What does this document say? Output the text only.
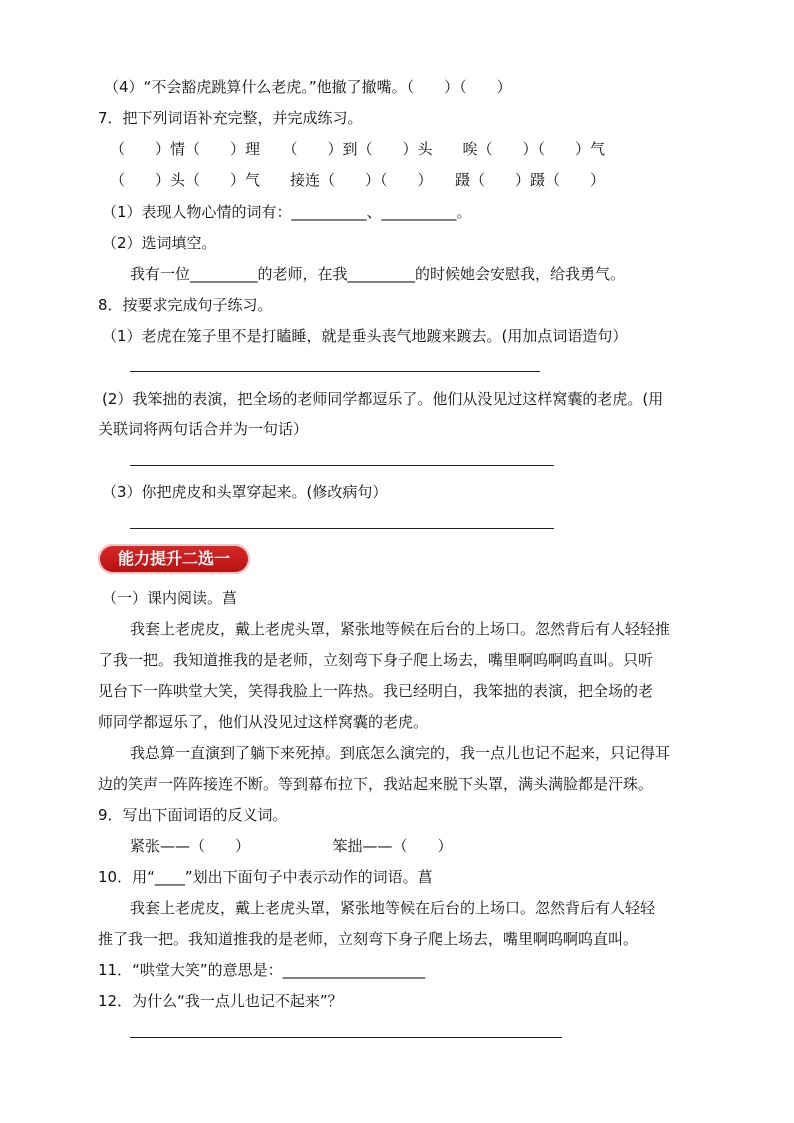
（4）“不会豁虎跳算什么老虎。”他撤了撤嘴。（　　）（　　）
7．把下列词语补充完整，并完成练习。
（　　）情（　　）理　　（　　）到（　　）头　　唉（　　）（　　）气
（　　）头（　　）气　　接连（　　）（　　）　　蹑（　　）蹑（　　）
（1）表现人物心情的词有：__________、__________。
（2）选词填空。
我有一位_________的老师，在我_________的时候她会安慰我，给我勇气。
8．按要求完成句子练习。
（1）老虎在笼子里不是打瞌睡，就是垂头丧气地踱来踱去。(用加点词语造句）
(2）我笨拙的表演，把全场的老师同学都逗乐了。他们从没见过这样窝囊的老虎。(用
关联词将两句话合并为一句话）
（3）你把虎皮和头罩穿起来。(修改病句）
能力提升二选一
（一）课内阅读。菖
我套上老虎皮，戴上老虎头罩，紧张地等候在后台的上场口。忽然背后有人轻轻推
了我一把。我知道推我的是老师，立刻弯下身子爬上场去，嘴里啊呜啊呜直叫。只听
见台下一阵哄堂大笑，笑得我脸上一阵热。我已经明白，我笨拙的表演，把全场的老
师同学都逗乐了，他们从没见过这样窝囊的老虎。
我总算一直演到了躺下来死掉。到底怎么演完的，我一点儿也记不起来，只记得耳
边的笑声一阵阵接连不断。等到幕布拉下，我站起来脱下头罩，满头满脸都是汗珠。
9．写出下面词语的反义词。
紧张——（　　）　　　　　　笨拙——（　　）
10．用“____”划出下面句子中表示动作的词语。菖
我套上老虎皮，戴上老虎头罩，紧张地等候在后台的上场口。忽然背后有人轻轻
推了我一把。我知道推我的是老师，立刻弯下身子爬上场去，嘴里啊呜啊呜直叫。
11．“哄堂大笑”的意思是：___________________
12．为什么“我一点儿也记不起来”？
